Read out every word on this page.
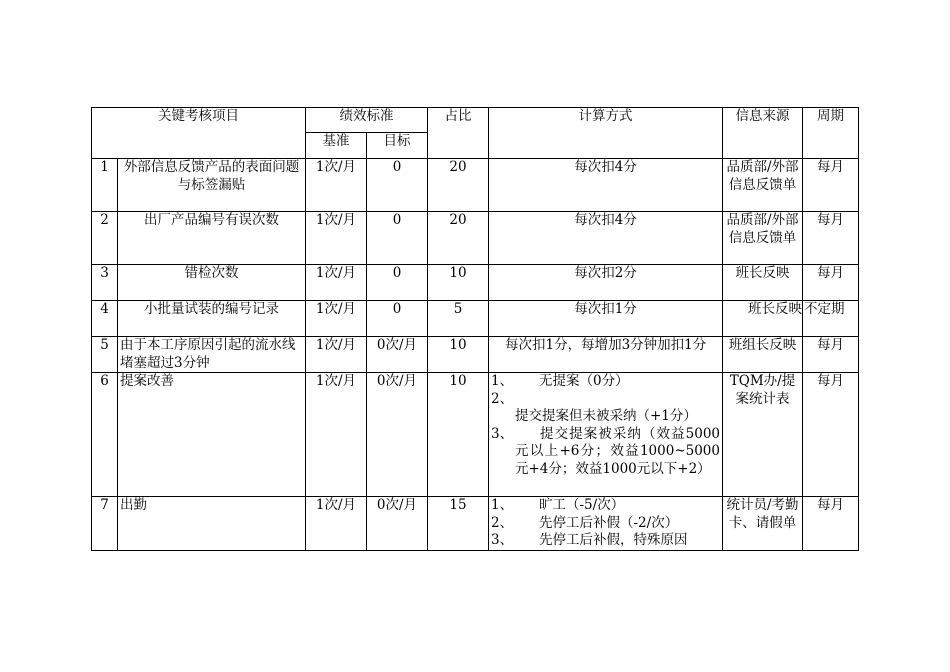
关键考核项目		绩效标准		占比	计算方式	信息来源	周期
		基准	目标				
1	外部信息反馈产品的表面问题与标签漏贴	1次/月	0	20	每次扣4分	品质部/外部信息反馈单	每月
2	出厂产品编号有误次数	1次/月	0	20	每次扣4分	品质部/外部信息反馈单	每月
3	错检次数	1次/月	0	10	每次扣2分	班长反映	每月
4	小批量试装的编号记录	1次/月	0	5	每次扣1分	班长反映	不定期
5	由于本工序原因引起的流水线堵塞超过3分钟	1次/月	0次/月	10	每次扣1分，每增加3分钟加扣1分	班组长反映	每月
6	提案改善	1次/月	0次/月	10	1、 无提案（0分）
2、提交提案但未被采纳（+1分）
3、 提交提案被采纳（效益5000元以上+6分；效益1000~5000元+4分；效益1000元以下+2）	TQM办/提案统计表	每月
7	出勤	1次/月	0次/月	15	1、 旷工（-5/次）
2、 先停工后补假（-2/次）
3、 先停工后补假，特殊原因	统计员/考勤卡、请假单	每月
